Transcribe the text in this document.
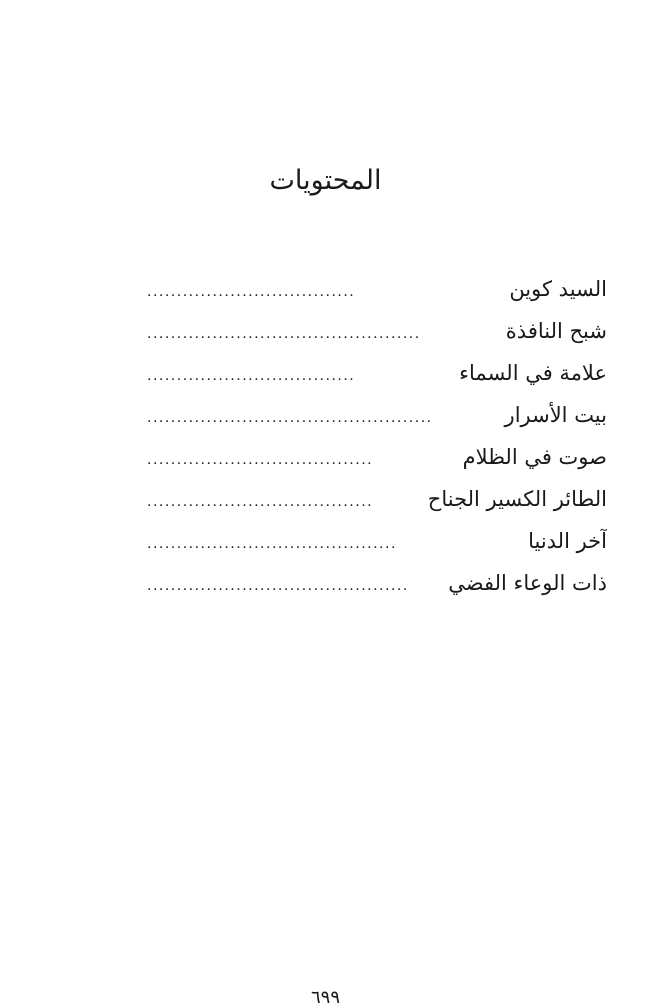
المحتويات
السيد كوين
...................................
شبح النافذة
..............................................
علامة في السماء
...................................
بيت الأسرار
................................................
صوت في الظلام
......................................
الطائر الكسير الجناح
......................................
آخر الدنيا
..........................................
ذات الوعاء الفضي
............................................
٦٩٩
